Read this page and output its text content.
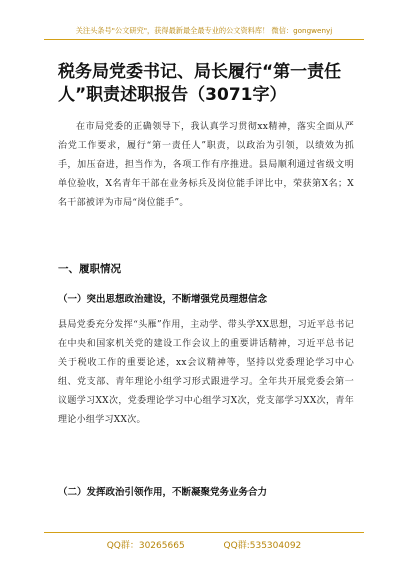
关注头条号"公文研究"，获得最新最全最专业的公文资料库！ 微信：gongwenyj
税务局党委书记、局长履行“第一责任人”职责述职报告（3071字）
在市局党委的正确领导下，我认真学习贯彻xx精神，落实全面从严治党工作要求，履行“第一责任人”职责，以政治为引领，以绩效为抓手，加压奋进，担当作为，各项工作有序推进。县局顺利通过省级文明单位验收，X名青年干部在业务标兵及岗位能手评比中，荣获第X名；X名干部被评为市局“岗位能手”。
一、履职情况
（一）突出思想政治建设，不断增强党员理想信念
县局党委充分发挥“头雁”作用，主动学、带头学XX思想，习近平总书记在中央和国家机关党的建设工作会议上的重要讲话精神，习近平总书记关于税收工作的重要论述，xx会议精神等，坚持以党委理论学习中心组、党支部、青年理论小组学习形式跟进学习。全年共开展党委会第一议题学习XX次，党委理论学习中心组学习X次，党支部学习XX次，青年理论小组学习XX次。
（二）发挥政治引领作用，不断凝聚党务业务合力
QQ群：30265665	QQ群:535304092
